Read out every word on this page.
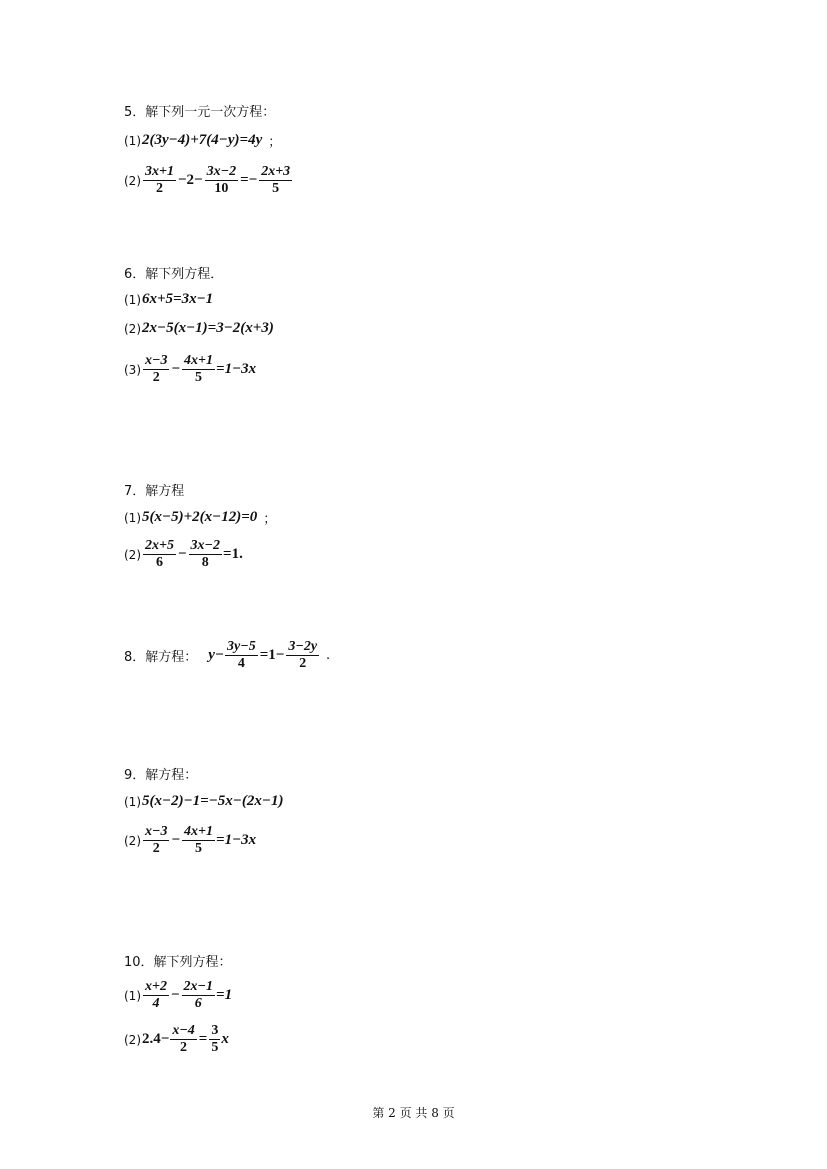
5．解下列一元一次方程：
(1) 2(3y−4)+7(4−y)=4y ；
$(2) \frac{3x+1}{2} -2- \frac{3x-2}{10} =- \frac{2x+3}{5}$
6．解下列方程．
(1) 6x+5=3x−1
(2) 2x−5(x−1)=3−2(x+3)
$(3) \frac{x-3}{2} - \frac{4x+1}{5} =1-3x$
7．解方程
(1) 5(x−5)+2(x−12)=0 ；
$(2) \frac{2x+5}{6} - \frac{3x-2}{8} =1$.
8．解方程： $y- \frac{3y-5}{4} =1- \frac{3-2y}{2}$ .
9．解方程：
(1) 5(x−2)−1=−5x−(2x−1)
$(2) \frac{x-3}{2} - \frac{4x+1}{5} =1-3x$
10．解下列方程：
$(1) \frac{x+2}{4} - \frac{2x-1}{6} =1$
(2) $2.4- \frac{x-4}{2} = \frac{3}{5}$ x
第 2 页 共 8 页
